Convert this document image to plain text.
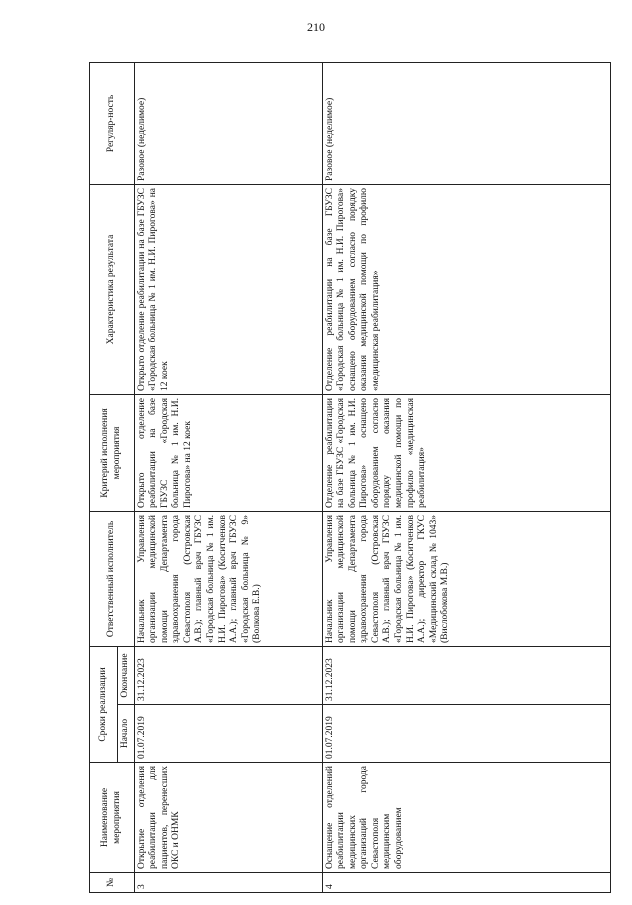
210
№	Наименование мероприятия	Сроки реализации		Ответственный исполнитель	Критерий исполнения мероприятия	Характеристика результата	Регуляр-ность
		Начало	Окончание				
3	Открытие отделения реабилитации для пациентов, перенесших ОКС и ОНМК	01.07.2019	31.12.2023	Начальник Управления организации медицинской помощи Департамента здравоохранения города Севастополя (Островская А.В.); главный врач ГБУЗС «Городская больница № 1 им. Н.И. Пирогова» (Коситченков А.А.); главный врач ГБУЗС «Городская больница № 9» (Волкова Е.В.)	Открыто отделение реабилитации на базе ГБУЗС «Городская больница № 1 им. Н.И. Пирогова» на 12 коек	Открыто отделение реабилитации на базе ГБУЗС «Городская больница № 1 им. Н.И. Пирогова» на 12 коек	Разовое (неделимое)
4	Оснащение отделений реабилитации медицинских организаций города Севастополя медицинским оборудованием	01.07.2019	31.12.2023	Начальник Управления организации медицинской помощи Департамента здравоохранения города Севастополя (Островская А.В.); главный врач ГБУЗС «Городская больница № 1 им. Н.И. Пирогова» (Коситченков А.А.); директор ГКУС «Медицинский склад № 1043» (Вислобокова М.В.)	Отделение реабилитации на базе ГБУЗС «Городская больница № 1 им. Н.И. Пирогова» оснащено оборудованием согласно порядку оказания медицинской помощи по профилю «медицинская реабилитация»	Отделение реабилитации на базе ГБУЗС «Городская больница № 1 им. Н.И. Пирогова» оснащено оборудованием согласно порядку оказания медицинской помощи по профилю «медицинская реабилитация»	Разовое (неделимое)
